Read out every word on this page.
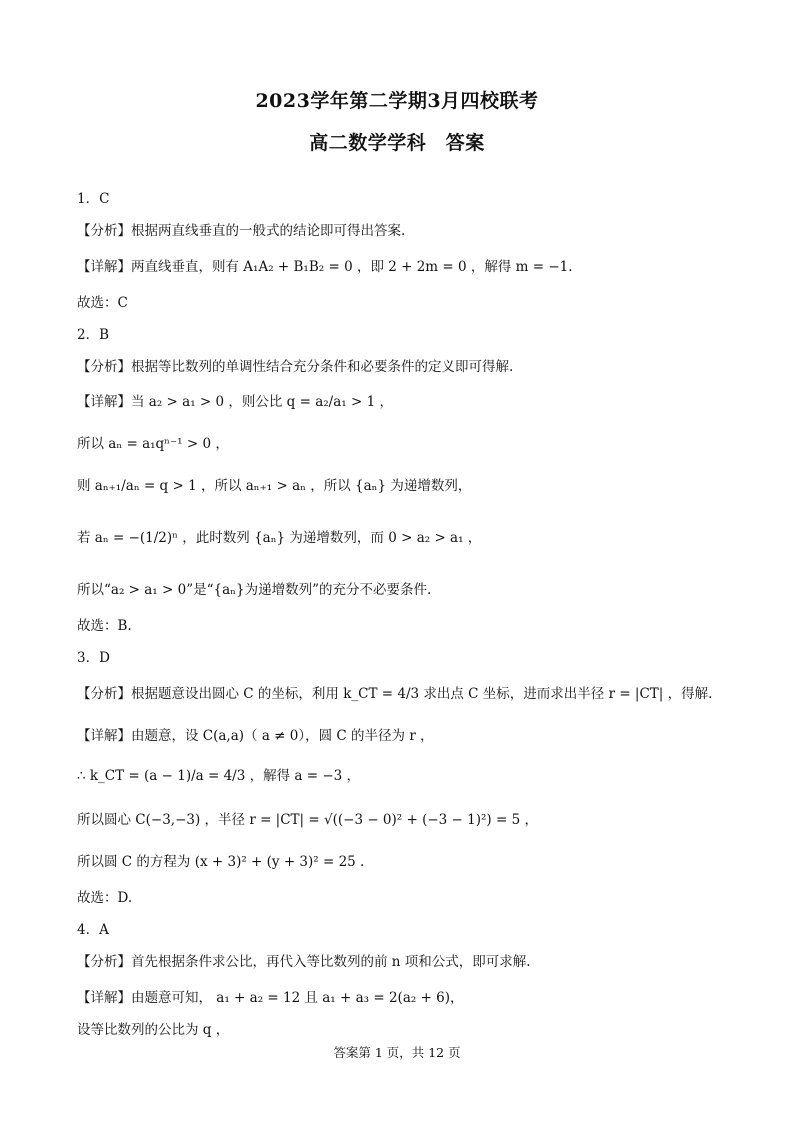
2023学年第二学期3月四校联考
高二数学学科　答案
1．C
【分析】根据两直线垂直的一般式的结论即可得出答案.
【详解】两直线垂直，则有 A₁A₂ + B₁B₂ = 0 ，即 2 + 2m = 0 ，解得 m = −1.
故选：C
2．B
【分析】根据等比数列的单调性结合充分条件和必要条件的定义即可得解.
【详解】当 a₂ > a₁ > 0 ，则公比 q = a₂/a₁ > 1 ，
所以 aₙ = a₁qⁿ⁻¹ > 0 ，
则 aₙ₊₁/aₙ = q > 1 ，所以 aₙ₊₁ > aₙ ，所以 {aₙ} 为递增数列，
若 aₙ = −(1/2)ⁿ ，此时数列 {aₙ} 为递增数列，而 0 > a₂ > a₁ ，
所以“a₂ > a₁ > 0”是“{aₙ}为递增数列”的充分不必要条件.
故选：B.
3．D
【分析】根据题意设出圆心 C 的坐标，利用 k_CT = 4/3 求出点 C 坐标，进而求出半径 r = |CT| ，得解.
【详解】由题意，设 C(a,a)（ a ≠ 0），圆 C 的半径为 r ，
∴ k_CT = (a − 1)/a = 4/3 ，解得 a = −3 ，
所以圆心 C(−3,−3) ，半径 r = |CT| = √((−3 − 0)² + (−3 − 1)²) = 5 ，
所以圆 C 的方程为 (x + 3)² + (y + 3)² = 25 .
故选：D.
4．A
【分析】首先根据条件求公比，再代入等比数列的前 n 项和公式，即可求解.
【详解】由题意可知， a₁ + a₂ = 12 且 a₁ + a₃ = 2(a₂ + 6)，
设等比数列的公比为 q ，
答案第 1 页，共 12 页
